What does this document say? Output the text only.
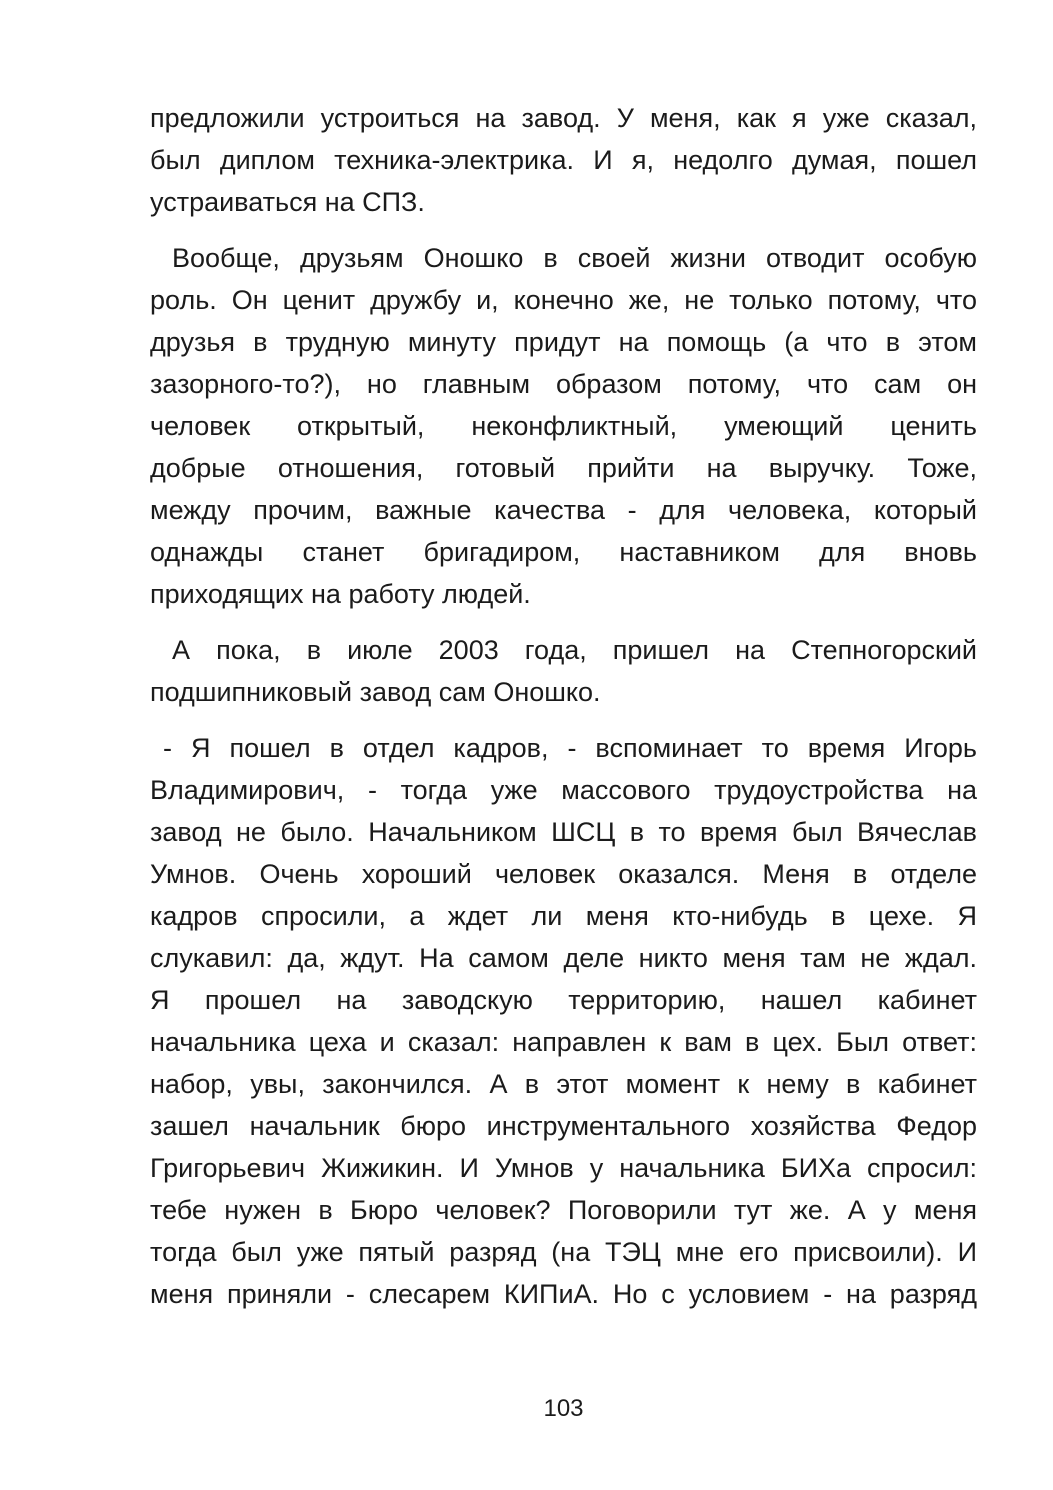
предложили устроиться на завод. У меня, как я уже сказал,
был диплом техника-электрика. И я, недолго думая, пошел
устраиваться на СПЗ.
Вообще, друзьям Оношко в своей жизни отводит особую
роль. Он ценит дружбу и, конечно же, не только потому, что
друзья в трудную минуту придут на помощь (а что в этом
зазорного-то?), но главным образом потому, что сам он
человек открытый, неконфликтный, умеющий ценить
добрые отношения, готовый прийти на выручку. Тоже,
между прочим, важные качества - для человека, который
однажды станет бригадиром, наставником для вновь
приходящих на работу людей.
А пока, в июле 2003 года, пришел на Степногорский
подшипниковый завод сам Оношко.
- Я пошел в отдел кадров, - вспоминает то время Игорь
Владимирович, - тогда уже массового трудоустройства на
завод не было. Начальником ШСЦ в то время был Вячеслав
Умнов. Очень хороший человек оказался. Меня в отделе
кадров спросили, а ждет ли меня кто-нибудь в цехе. Я
слукавил: да, ждут. На самом деле никто меня там не ждал.
Я прошел на заводскую территорию, нашел кабинет
начальника цеха и сказал: направлен к вам в цех. Был ответ:
набор, увы, закончился. А в этот момент к нему в кабинет
зашел начальник бюро инструментального хозяйства Федор
Григорьевич Жижикин. И Умнов у начальника БИХа спросил:
тебе нужен в Бюро человек? Поговорили тут же. А у меня
тогда был уже пятый разряд (на ТЭЦ мне его присвоили). И
меня приняли - слесарем КИПиА. Но с условием - на разряд
103
